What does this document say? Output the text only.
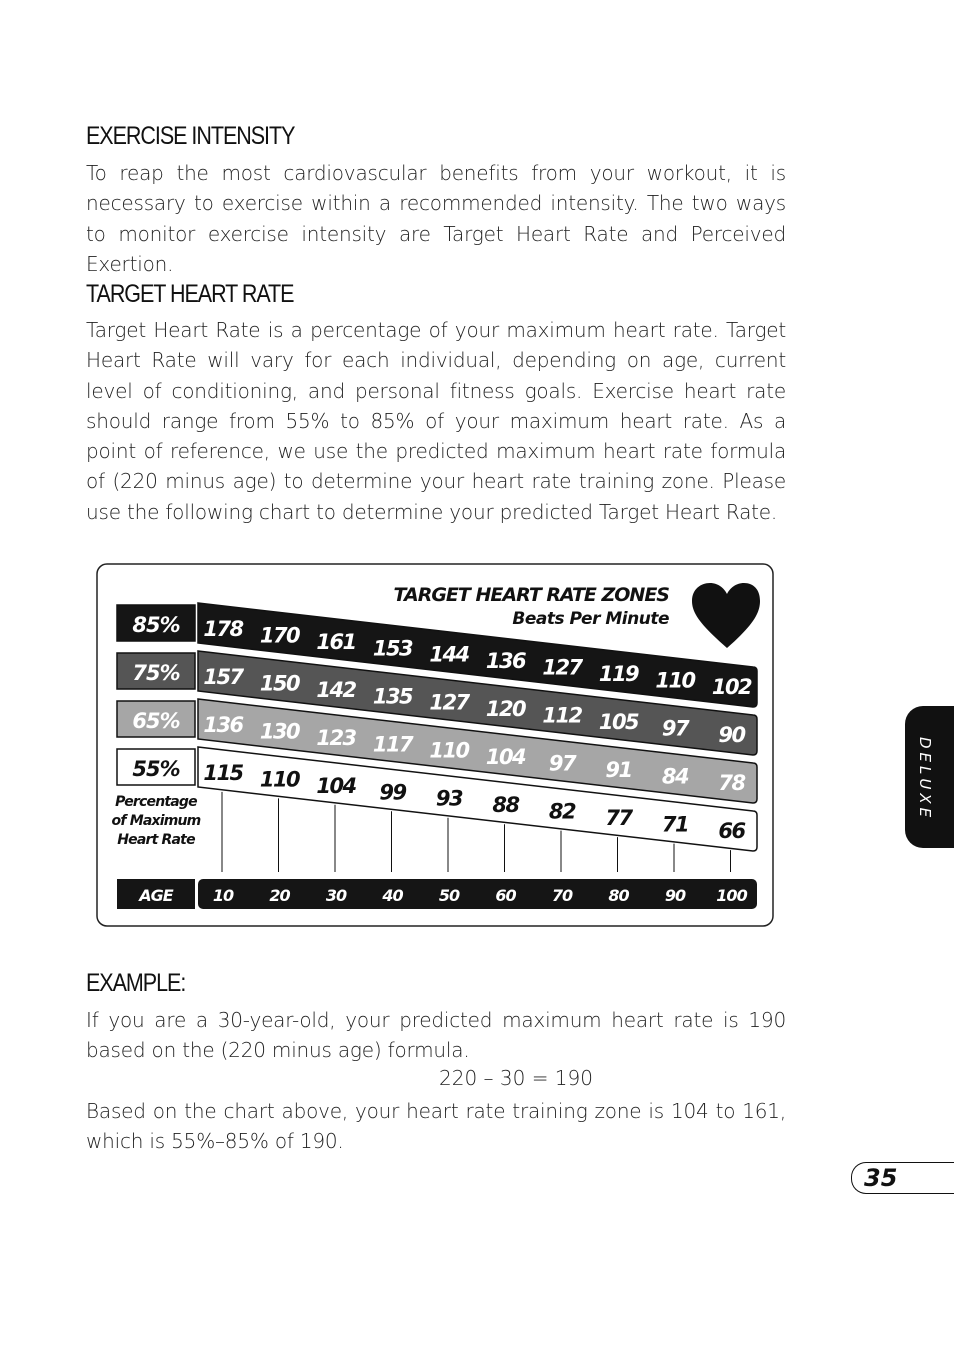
EXERCISE INTENSITY

To reap the most cardiovascular benefits from your workout, it is necessary to exercise within a recommended intensity. The two ways to monitor exercise intensity are Target Heart Rate and Perceived Exertion.

TARGET HEART RATE

Target Heart Rate is a percentage of your maximum heart rate. Target Heart Rate will vary for each individual, depending on age, current level of conditioning, and personal fitness goals. Exercise heart rate should range from 55% to 85% of your maximum heart rate. As a point of reference, we use the predicted maximum heart rate formula of (220 minus age) to determine your heart rate training zone. Please use the following chart to determine your predicted Target Heart Rate.

TARGET HEART RATE ZONES
Beats Per Minute
85%
75%
65%
55%
178 170 161 153 144 136 127 119 110 102
157 150 142 135 127 120 112 105 97 90
136 130 123 117 110 104 97 91 84 78
115 110 104 99 93 88 82 77 71 66
Percentage
of Maximum
Heart Rate
AGE	10 20 30 40 50 60 70 80 90 100
EXAMPLE:

If you are a 30-year-old, your predicted maximum heart rate is 190 based on the (220 minus age) formula.

220 – 30 = 190

Based on the chart above, your heart rate training zone is 104 to 161, which is 55%–85% of 190.

DELUXE
35
